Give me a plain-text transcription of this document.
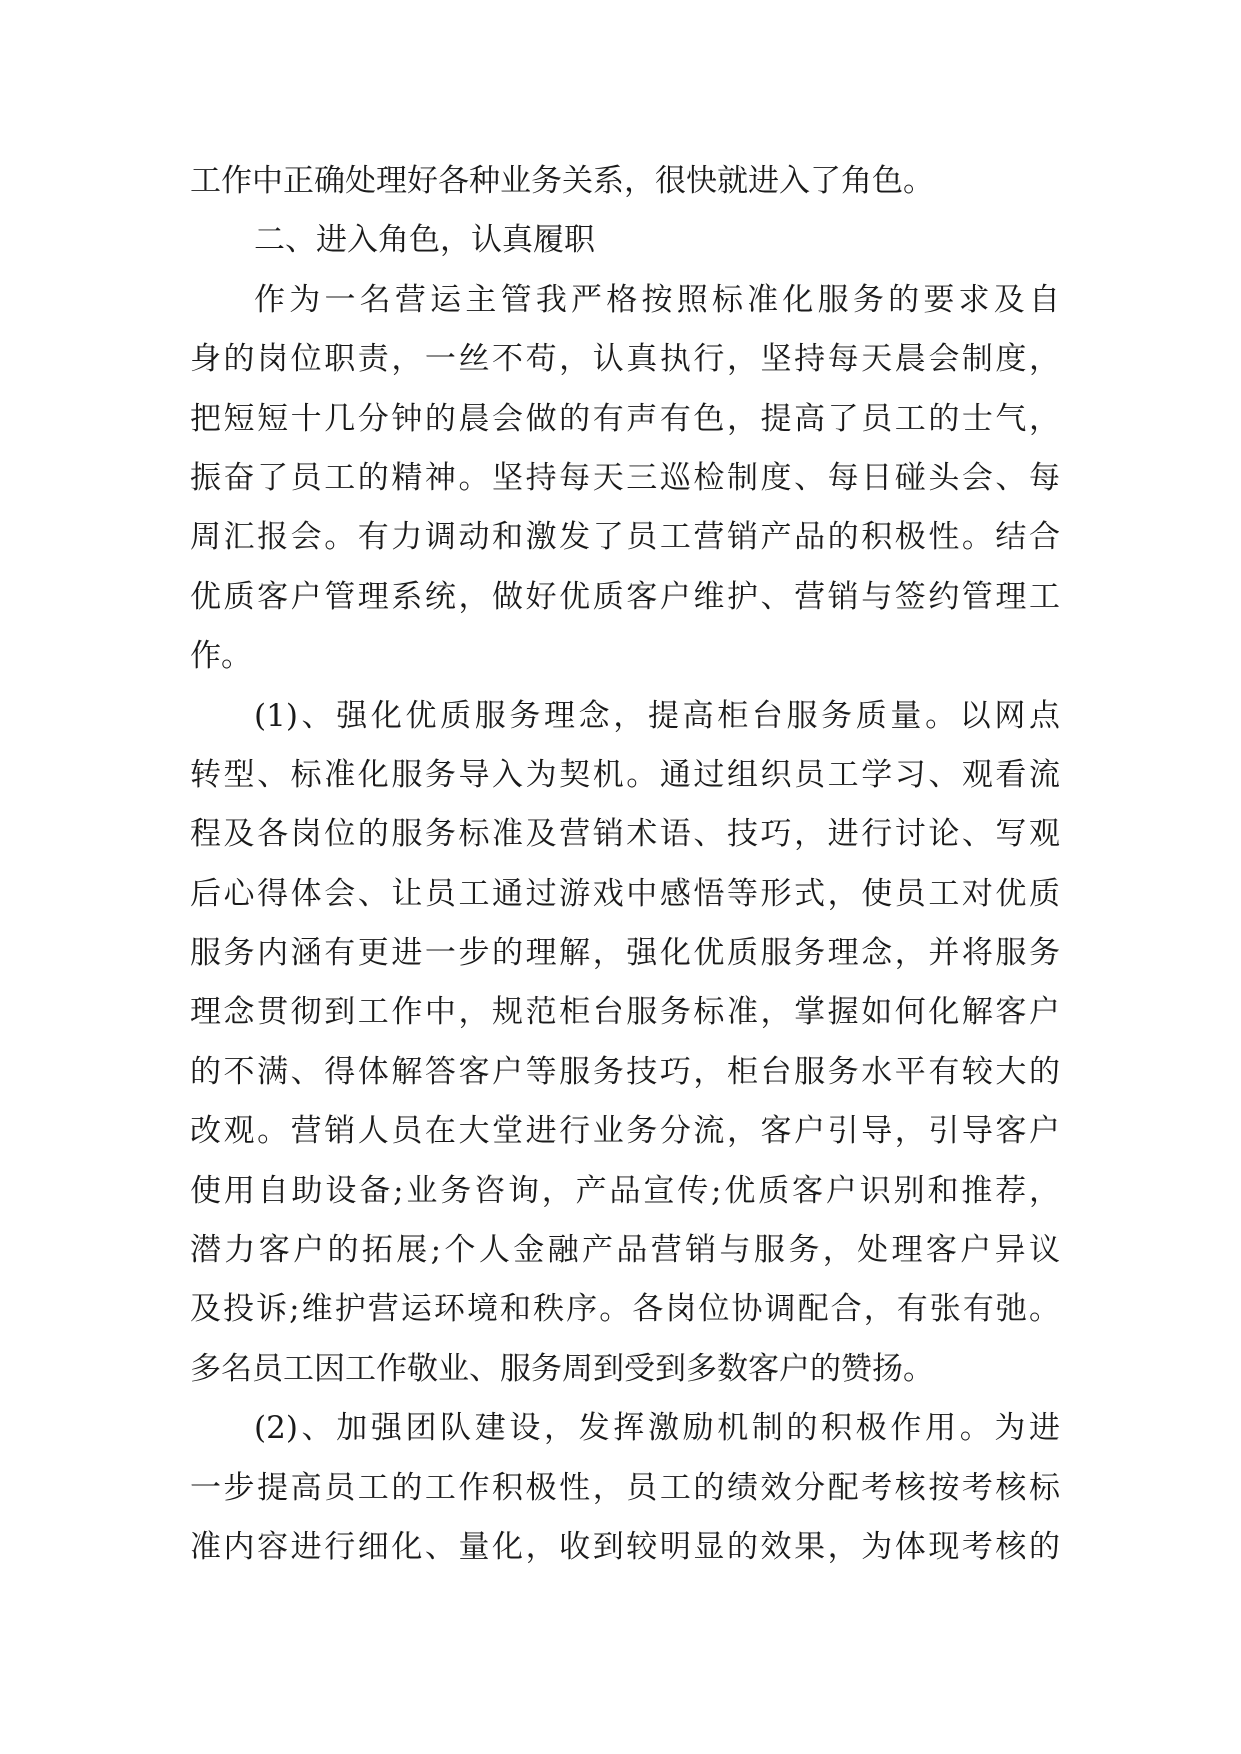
工作中正确处理好各种业务关系，很快就进入了角色。
二、进入角色，认真履职
作为一名营运主管我严格按照标准化服务的要求及自
身的岗位职责，一丝不苟，认真执行，坚持每天晨会制度，
把短短十几分钟的晨会做的有声有色，提高了员工的士气，
振奋了员工的精神。坚持每天三巡检制度、每日碰头会、每
周汇报会。有力调动和激发了员工营销产品的积极性。结合
优质客户管理系统，做好优质客户维护、营销与签约管理工
作。
(1)、强化优质服务理念，提高柜台服务质量。以网点
转型、标准化服务导入为契机。通过组织员工学习、观看流
程及各岗位的服务标准及营销术语、技巧，进行讨论、写观
后心得体会、让员工通过游戏中感悟等形式，使员工对优质
服务内涵有更进一步的理解，强化优质服务理念，并将服务
理念贯彻到工作中，规范柜台服务标准，掌握如何化解客户
的不满、得体解答客户等服务技巧，柜台服务水平有较大的
改观。营销人员在大堂进行业务分流，客户引导，引导客户
使用自助设备;业务咨询，产品宣传;优质客户识别和推荐，
潜力客户的拓展;个人金融产品营销与服务，处理客户异议
及投诉;维护营运环境和秩序。各岗位协调配合，有张有弛。
多名员工因工作敬业、服务周到受到多数客户的赞扬。
(2)、加强团队建设，发挥激励机制的积极作用。为进
一步提高员工的工作积极性，员工的绩效分配考核按考核标
准内容进行细化、量化，收到较明显的效果，为体现考核的
